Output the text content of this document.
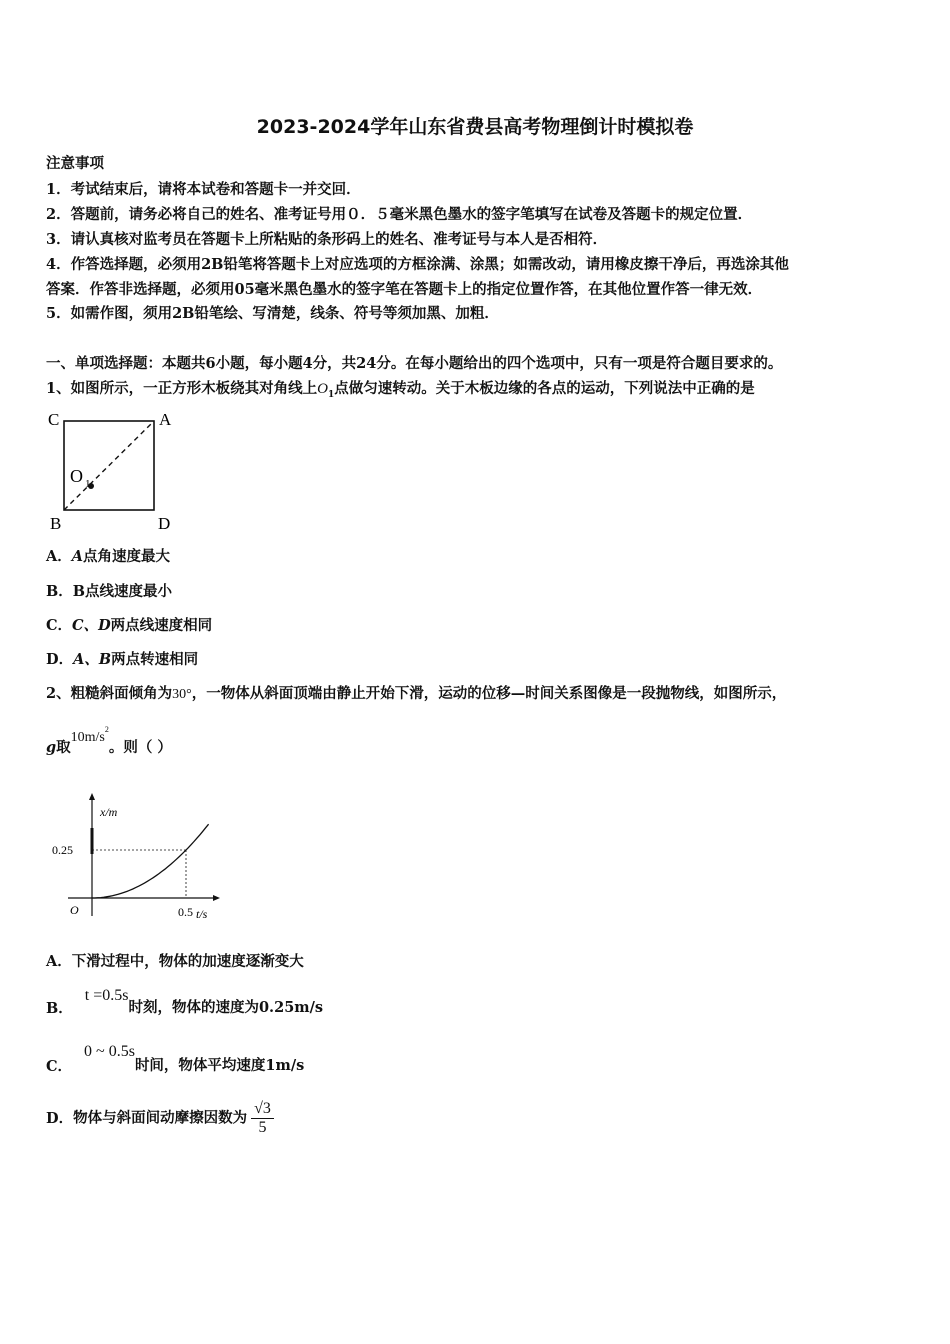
2023-2024学年山东省费县高考物理倒计时模拟卷
注意事项
1．考试结束后，请将本试卷和答题卡一并交回．
2．答题前，请务必将自己的姓名、准考证号用０．５毫米黑色墨水的签字笔填写在试卷及答题卡的规定位置．
3．请认真核对监考员在答题卡上所粘贴的条形码上的姓名、准考证号与本人是否相符．
4．作答选择题，必须用2B铅笔将答题卡上对应选项的方框涂满、涂黑；如需改动，请用橡皮擦干净后，再选涂其他
答案．作答非选择题，必须用05毫米黑色墨水的签字笔在答题卡上的指定位置作答，在其他位置作答一律无效．
5．如需作图，须用2B铅笔绘、写清楚，线条、符号等须加黑、加粗．
一、单项选择题：本题共6小题，每小题4分，共24分。在每小题给出的四个选项中，只有一项是符合题目要求的。
1、如图所示，一正方形木板绕其对角线上$O_1$点做匀速转动。关于木板边缘的各点的运动，下列说法中正确的是
C	A
B	D
O 1
A．A点角速度最大
B．B点线速度最小
C．C、D两点线速度相同
D．A、B两点转速相同
2、粗糙斜面倾角为30°，一物体从斜面顶端由静止开始下滑，运动的位移—时间关系图像是一段抛物线，如图所示，
g取$10m/s^2$。则（ ）
x/m
t/s
O
0.25
0.5
A．下滑过程中，物体的加速度逐渐变大
B．t =0.5s时刻，物体的速度为0.25m/s
C．0 ~ 0.5s时间，物体平均速度1m/s
D．物体与斜面间动摩擦因数为 $\frac{√3}{5}$
